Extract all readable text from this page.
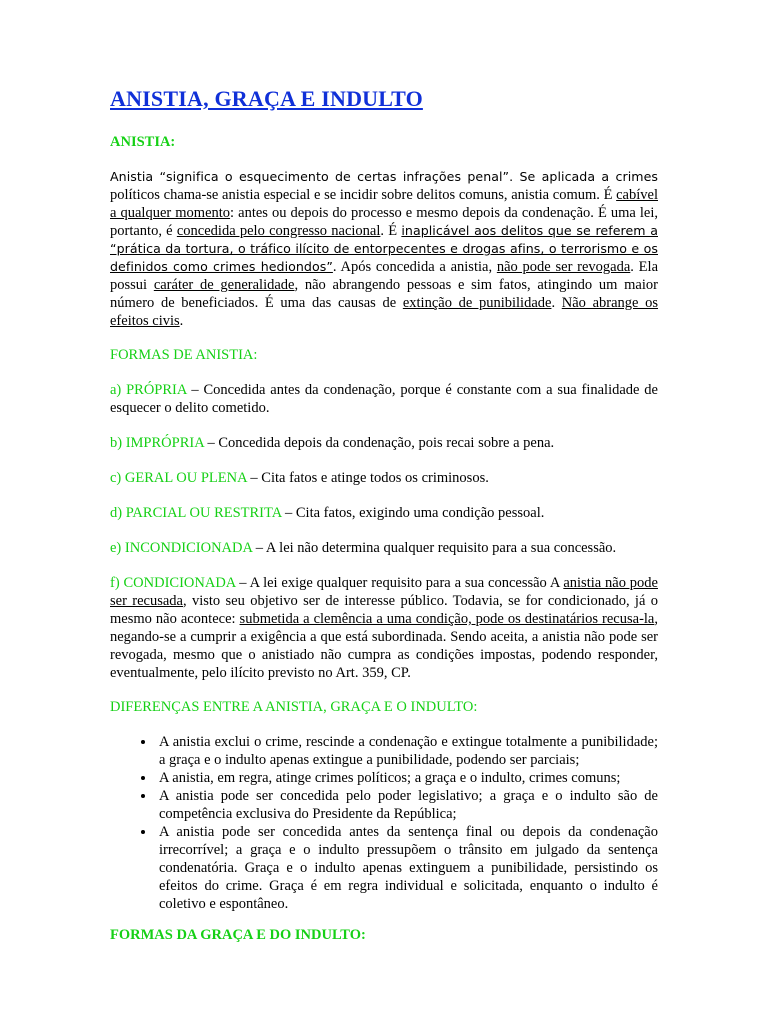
ANISTIA, GRAÇA E INDULTO
ANISTIA:

Anistia “significa o esquecimento de certas infrações penal”. Se aplicada a crimes políticos chama-se anistia especial e se incidir sobre delitos comuns, anistia comum. É cabível a qualquer momento: antes ou depois do processo e mesmo depois da condenação. É uma lei, portanto, é concedida pelo congresso nacional. É inaplicável aos delitos que se referem a “prática da tortura, o tráfico ilícito de entorpecentes e drogas afins, o terrorismo e os definidos como crimes hediondos”. Após concedida a anistia, não pode ser revogada. Ela possui caráter de generalidade, não abrangendo pessoas e sim fatos, atingindo um maior número de beneficiados. É uma das causas de extinção de punibilidade. Não abrange os efeitos civis.

FORMAS DE ANISTIA:

a) PRÓPRIA – Concedida antes da condenação, porque é constante com a sua finalidade de esquecer o delito cometido.

b) IMPRÓPRIA – Concedida depois da condenação, pois recai sobre a pena.

c) GERAL OU PLENA – Cita fatos e atinge todos os criminosos.

d) PARCIAL OU RESTRITA – Cita fatos, exigindo uma condição pessoal.

e) INCONDICIONADA – A lei não determina qualquer requisito para a sua concessão.

f) CONDICIONADA – A lei exige qualquer requisito para a sua concessão A anistia não pode ser recusada, visto seu objetivo ser de interesse público. Todavia, se for condicionado, já o mesmo não acontece: submetida a clemência a uma condição, pode os destinatários recusa-la, negando-se a cumprir a exigência a que está subordinada. Sendo aceita, a anistia não pode ser revogada, mesmo que o anistiado não cumpra as condições impostas, podendo responder, eventualmente, pelo ilícito previsto no Art. 359, CP.

DIFERENÇAS ENTRE A ANISTIA, GRAÇA E O INDULTO:
• A anistia exclui o crime, rescinde a condenação e extingue totalmente a punibilidade; a graça e o indulto apenas extingue a punibilidade, podendo ser parciais;
• A anistia, em regra, atinge crimes políticos; a graça e o indulto, crimes comuns;
• A anistia pode ser concedida pelo poder legislativo; a graça e o indulto são de competência exclusiva do Presidente da República;
• A anistia pode ser concedida antes da sentença final ou depois da condenação irrecorrível; a graça e o indulto pressupõem o trânsito em julgado da sentença condenatória. Graça e o indulto apenas extinguem a punibilidade, persistindo os efeitos do crime. Graça é em regra individual e solicitada, enquanto o indulto é coletivo e espontâneo.
FORMAS DA GRAÇA E DO INDULTO:
